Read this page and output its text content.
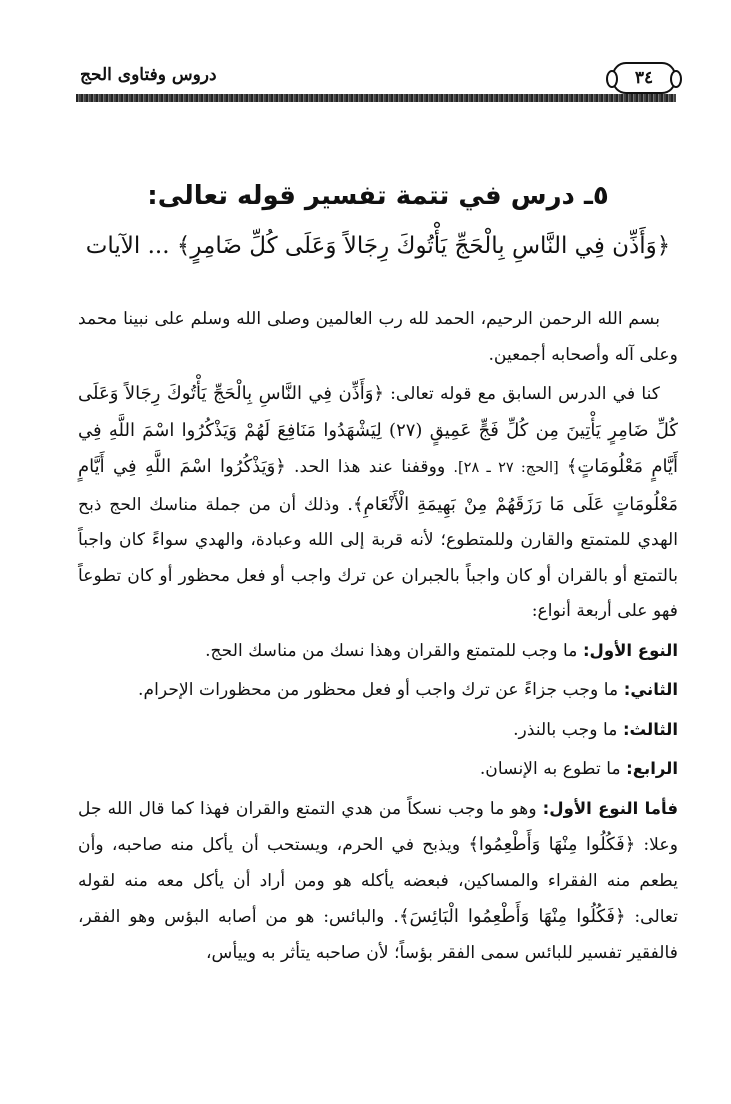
٣٤
دروس وفتاوى الحج
٥ـ درس في تتمة تفسير قوله تعالى:
﴿وَأَذِّن فِي النَّاسِ بِالْحَجِّ يَأْتُوكَ رِجَالاً وَعَلَى كُلِّ ضَامِرٍ﴾ ... الآيات

بسم الله الرحمن الرحيم، الحمد لله رب العالمين وصلى الله وسلم على نبينا محمد وعلى آله وأصحابه أجمعين.

كنا في الدرس السابق مع قوله تعالى: ﴿وَأَذِّن فِي النَّاسِ بِالْحَجِّ يَأْتُوكَ رِجَالاً وَعَلَى كُلِّ ضَامِرٍ يَأْتِينَ مِن كُلِّ فَجٍّ عَمِيقٍ (٢٧) لِيَشْهَدُوا مَنَافِعَ لَهُمْ وَيَذْكُرُوا اسْمَ اللَّهِ فِي أَيَّامٍ مَعْلُومَاتٍ﴾ [الحج: ٢٧ ـ ٢٨]. ووقفنا عند هذا الحد. ﴿وَيَذْكُرُوا اسْمَ اللَّهِ فِي أَيَّامٍ مَعْلُومَاتٍ عَلَى مَا رَزَقَهُمْ مِنْ بَهِيمَةِ الْأَنْعَامِ﴾. وذلك أن من جملة مناسك الحج ذبح الهدي للمتمتع والقارن وللمتطوع؛ لأنه قربة إلى الله وعبادة، والهدي سواءً كان واجباً بالتمتع أو بالقران أو كان واجباً بالجبران عن ترك واجب أو فعل محظور أو كان تطوعاً فهو على أربعة أنواع:

النوع الأول: ما وجب للمتمتع والقران وهذا نسك من مناسك الحج.

الثاني: ما وجب جزاءً عن ترك واجب أو فعل محظور من محظورات الإحرام.

الثالث: ما وجب بالنذر.

الرابع: ما تطوع به الإنسان.

فأما النوع الأول: وهو ما وجب نسكاً من هدي التمتع والقران فهذا كما قال الله جل وعلا: ﴿فَكُلُوا مِنْهَا وَأَطْعِمُوا﴾ ويذبح في الحرم، ويستحب أن يأكل منه صاحبه، وأن يطعم منه الفقراء والمساكين، فبعضه يأكله هو ومن أراد أن يأكل معه منه لقوله تعالى: ﴿فَكُلُوا مِنْهَا وَأَطْعِمُوا الْبَائِسَ﴾. والبائس: هو من أصابه البؤس وهو الفقر، فالفقير تفسير للبائس سمى الفقر بؤساً؛ لأن صاحبه يتأثر به وييأس،
